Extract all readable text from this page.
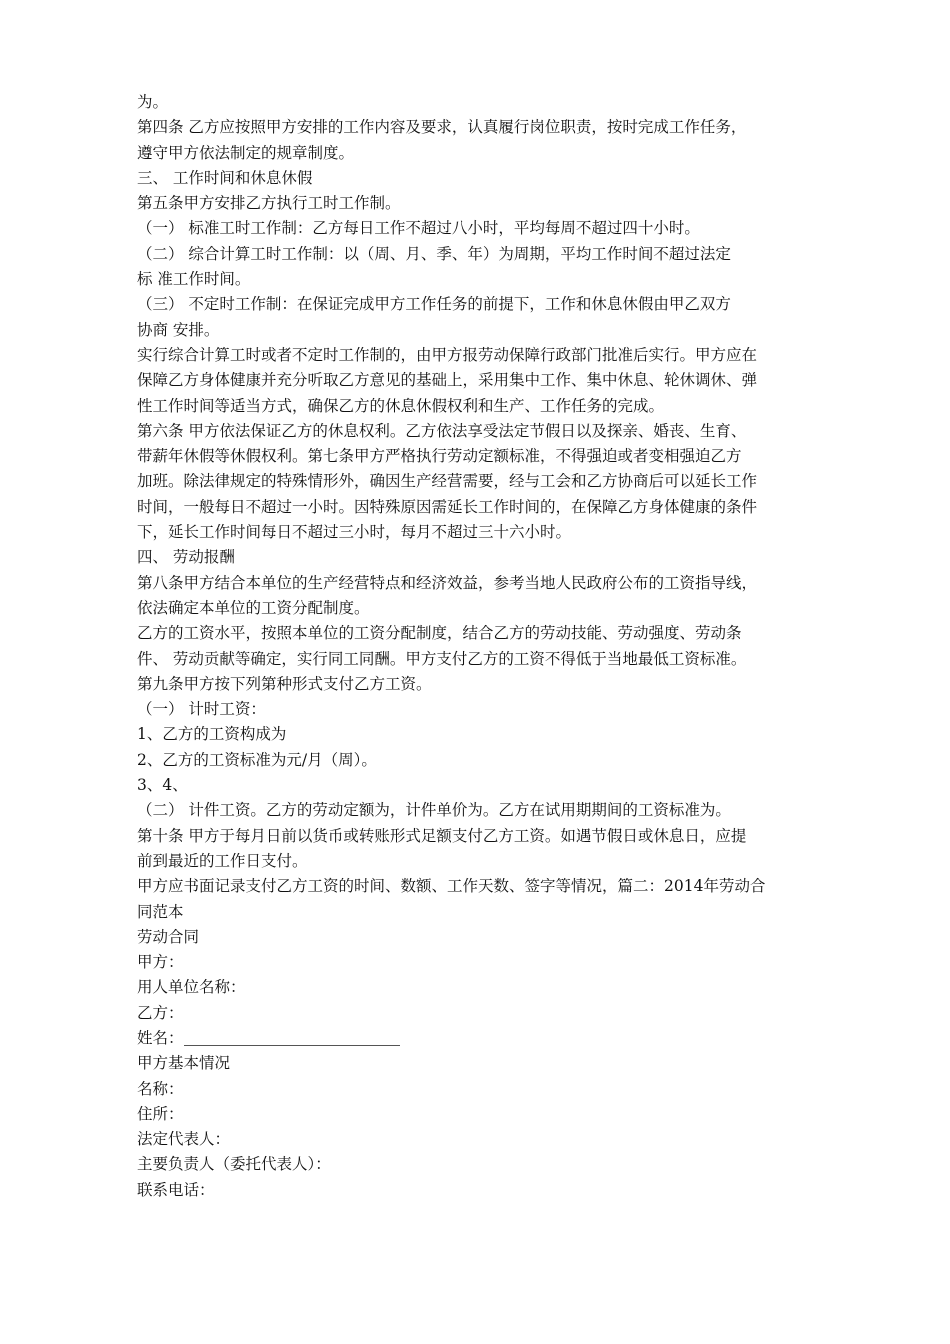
为。
第四条 乙方应按照甲方安排的工作内容及要求，认真履行岗位职责，按时完成工作任务，
遵守甲方依法制定的规章制度。
三、 工作时间和休息休假
第五条甲方安排乙方执行工时工作制。
（一） 标准工时工作制：乙方每日工作不超过八小时，平均每周不超过四十小时。
（二） 综合计算工时工作制：以（周、月、季、年）为周期，平均工作时间不超过法定
标 准工作时间。
（三） 不定时工作制：在保证完成甲方工作任务的前提下，工作和休息休假由甲乙双方
协商 安排。
实行综合计算工时或者不定时工作制的，由甲方报劳动保障行政部门批准后实行。甲方应在
保障乙方身体健康并充分听取乙方意见的基础上，采用集中工作、集中休息、轮休调休、弹
性工作时间等适当方式，确保乙方的休息休假权利和生产、工作任务的完成。
第六条 甲方依法保证乙方的休息权利。乙方依法享受法定节假日以及探亲、婚丧、生育、
带薪年休假等休假权利。第七条甲方严格执行劳动定额标准，不得强迫或者变相强迫乙方
加班。除法律规定的特殊情形外，确因生产经营需要，经与工会和乙方协商后可以延长工作
时间，一般每日不超过一小时。因特殊原因需延长工作时间的，在保障乙方身体健康的条件
下，延长工作时间每日不超过三小时，每月不超过三十六小时。
四、 劳动报酬
第八条甲方结合本单位的生产经营特点和经济效益，参考当地人民政府公布的工资指导线，
依法确定本单位的工资分配制度。
乙方的工资水平，按照本单位的工资分配制度，结合乙方的劳动技能、劳动强度、劳动条
件、 劳动贡献等确定，实行同工同酬。甲方支付乙方的工资不得低于当地最低工资标准。
第九条甲方按下列第种形式支付乙方工资。
（一） 计时工资：
1、乙方的工资构成为
2、乙方的工资标准为元/月（周）。
3、4、
（二） 计件工资。乙方的劳动定额为，计件单价为。乙方在试用期期间的工资标准为。
第十条 甲方于每月日前以货币或转账形式足额支付乙方工资。如遇节假日或休息日，应提
前到最近的工作日支付。
甲方应书面记录支付乙方工资的时间、数额、工作天数、签字等情况，篇二：2014年劳动合
同范本
劳动合同
甲方：
用人单位名称：
乙方：
姓名：
甲方基本情况
名称：
住所：
法定代表人：
主要负责人（委托代表人）：
联系电话：
